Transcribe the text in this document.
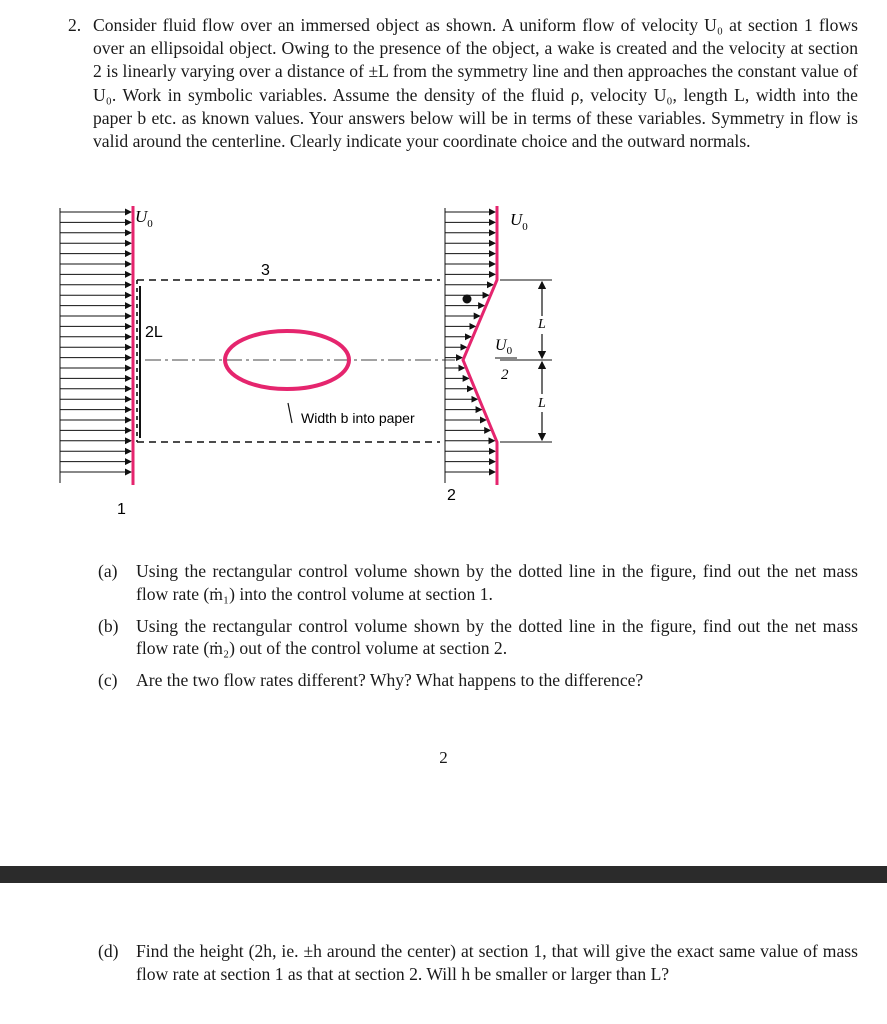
2. Consider fluid flow over an immersed object as shown. A uniform flow of velocity U₀ at section 1 flows over an ellipsoidal object. Owing to the presence of the object, a wake is created and the velocity at section 2 is linearly varying over a distance of ±L from the symmetry line and then approaches the constant value of U₀. Work in symbolic variables. Assume the density of the fluid ρ, velocity U₀, length L, width into the paper b etc. as known values. Your answers below will be in terms of these variables. Symmetry in flow is valid around the centerline. Clearly indicate your coordinate choice and the outward normals.
$U_0$
3
2L
Width b into paper
$U_0$
$U_0$
2
L
L
1
2
(a) Using the rectangular control volume shown by the dotted line in the figure, find out the net mass flow rate (ṁ₁) into the control volume at section 1.
(b) Using the rectangular control volume shown by the dotted line in the figure, find out the net mass flow rate (ṁ₂) out of the control volume at section 2.
(c) Are the two flow rates different? Why? What happens to the difference?
2
(d) Find the height (2h, ie. ±h around the center) at section 1, that will give the exact same value of mass flow rate at section 1 as that at section 2. Will h be smaller or larger than L?
